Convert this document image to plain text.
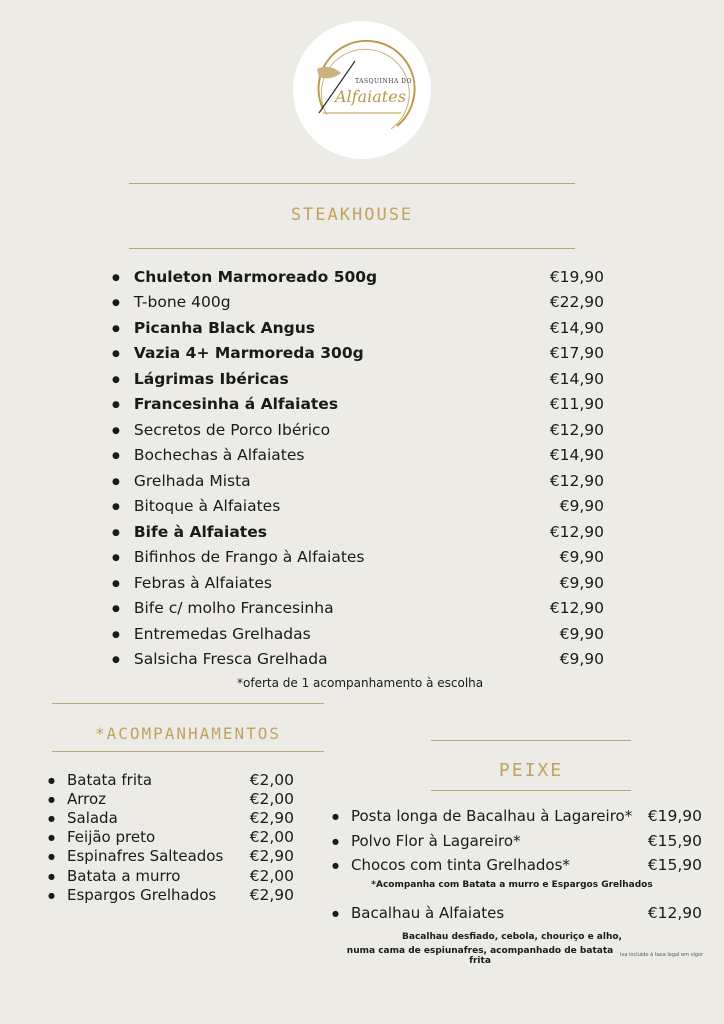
TASQUINHA DO
Alfaiates
STEAKHOUSE
● Chuleton Marmoreado 500g	€19,90
● T-bone 400g	€22,90
● Picanha Black Angus	€14,90
● Vazia 4+ Marmoreda 300g	€17,90
● Lágrimas Ibéricas	€14,90
● Francesinha á Alfaiates	€11,90
● Secretos de Porco Ibérico	€12,90
● Bochechas à Alfaiates	€14,90
● Grelhada Mista	€12,90
● Bitoque à Alfaiates	€9,90
● Bife à Alfaiates	€12,90
● Bifinhos de Frango à Alfaiates	€9,90
● Febras à Alfaiates	€9,90
● Bife c/ molho Francesinha	€12,90
● Entremedas Grelhadas	€9,90
● Salsicha Fresca Grelhada	€9,90
*oferta de 1 acompanhamento à escolha
*ACOMPANHAMENTOS
● Batata frita	€2,00
● Arroz	€2,00
● Salada	€2,90
● Feijão preto	€2,00
● Espinafres Salteados €2,90
● Batata a murro	€2,00
● Espargos Grelhados €2,90
PEIXE
● Posta longa de Bacalhau à Lagareiro* €19,90
● Polvo Flor à Lagareiro*	€15,90
● Chocos com tinta Grelhados*	€15,90
*Acompanha com Batata a murro e Espargos Grelhados
● Bacalhau à Alfaiates	€12,90
Bacalhau desfiado, cebola, chouriço e alho,
numa cama de espiunafres, acompanhado de batata frita
iva incluido à taxa legal em vigor
